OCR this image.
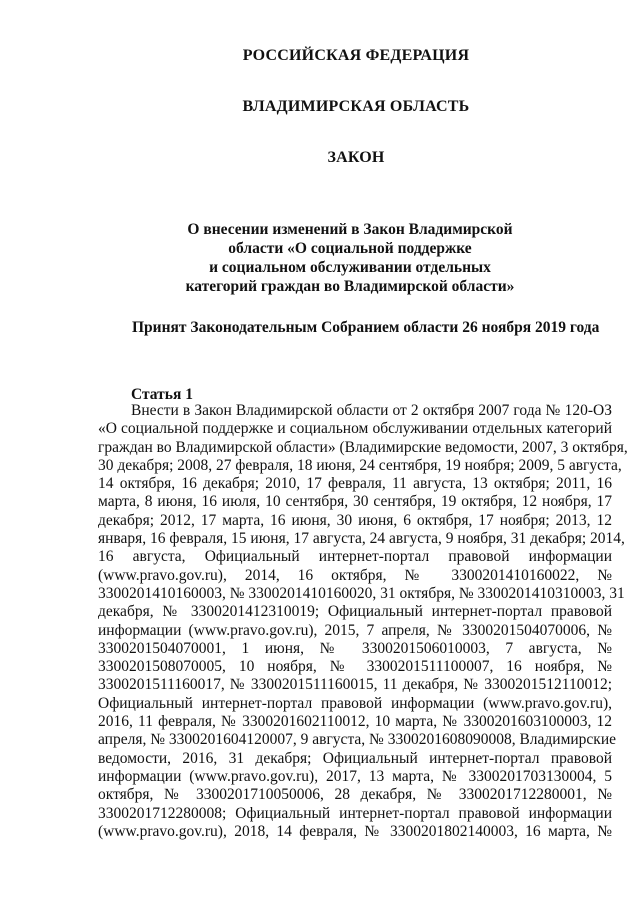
РОССИЙСКАЯ ФЕДЕРАЦИЯ
ВЛАДИМИРСКАЯ ОБЛАСТЬ
ЗАКОН
О внесении изменений в Закон Владимирской
области «О социальной поддержке
и социальном обслуживании отдельных
категорий граждан во Владимирской области»
Принят Законодательным Собранием области 26 ноября 2019 года
Статья 1
Внести в Закон Владимирской области от 2 октября 2007 года № 120-ОЗ
«О социальной поддержке и социальном обслуживании отдельных категорий
граждан во Владимирской области» (Владимирские ведомости, 2007, 3 октября,
30 декабря; 2008, 27 февраля, 18 июня, 24 сентября, 19 ноября; 2009, 5 августа,
14 октября, 16 декабря; 2010, 17 февраля, 11 августа, 13 октября; 2011, 16
марта, 8 июня, 16 июля, 10 сентября, 30 сентября, 19 октября, 12 ноября, 17
декабря; 2012, 17 марта, 16 июня, 30 июня, 6 октября, 17 ноября; 2013, 12
января, 16 февраля, 15 июня, 17 августа, 24 августа, 9 ноября, 31 декабря; 2014,
16 августа, Официальный интернет-портал правовой информации
(www.pravo.gov.ru), 2014, 16 октября, № 3300201410160022, №
3300201410160003, № 3300201410160020, 31 октября, № 3300201410310003, 31
декабря, № 3300201412310019; Официальный интернет-портал правовой
информации (www.pravo.gov.ru), 2015, 7 апреля, № 3300201504070006, №
3300201504070001, 1 июня, № 3300201506010003, 7 августа, №
3300201508070005, 10 ноября, № 3300201511100007, 16 ноября, №
3300201511160017, № 3300201511160015, 11 декабря, № 3300201512110012;
Официальный интернет-портал правовой информации (www.pravo.gov.ru),
2016, 11 февраля, № 3300201602110012, 10 марта, № 3300201603100003, 12
апреля, № 3300201604120007, 9 августа, № 3300201608090008, Владимирские
ведомости, 2016, 31 декабря; Официальный интернет-портал правовой
информации (www.pravo.gov.ru), 2017, 13 марта, № 3300201703130004, 5
октября, № 3300201710050006, 28 декабря, № 3300201712280001, №
3300201712280008; Официальный интернет-портал правовой информации
(www.pravo.gov.ru), 2018, 14 февраля, № 3300201802140003, 16 марта, №
